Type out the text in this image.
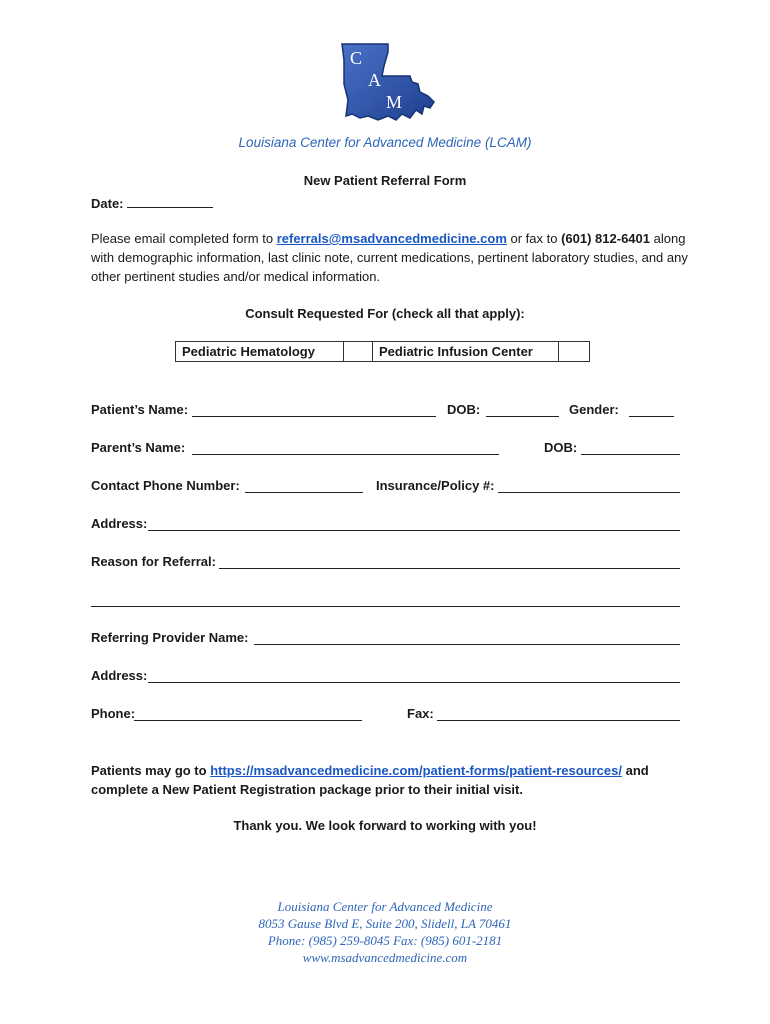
C
A
M
Louisiana Center for Advanced Medicine (LCAM)
New Patient Referral Form
Date:
Please email completed form to referrals@msadvancedmedicine.com or fax to (601) 812-6401 along with demographic information, last clinic note, current medications, pertinent laboratory studies, and any other pertinent studies and/or medical information.
Consult Requested For (check all that apply):
Pediatric Hematology		Pediatric Infusion Center	
Patient’s Name:	DOB:	Gender:
Parent’s Name:	DOB:
Contact Phone Number:	Insurance/Policy #:
Address:
Reason for Referral:
Referring Provider Name:
Address:
Phone:	Fax:
Patients may go to https://msadvancedmedicine.com/patient-forms/patient-resources/ and complete a New Patient Registration package prior to their initial visit.
Thank you. We look forward to working with you!
Louisiana Center for Advanced Medicine
8053 Gause Blvd E, Suite 200, Slidell, LA 70461
Phone: (985) 259-8045 Fax: (985) 601-2181
www.msadvancedmedicine.com
